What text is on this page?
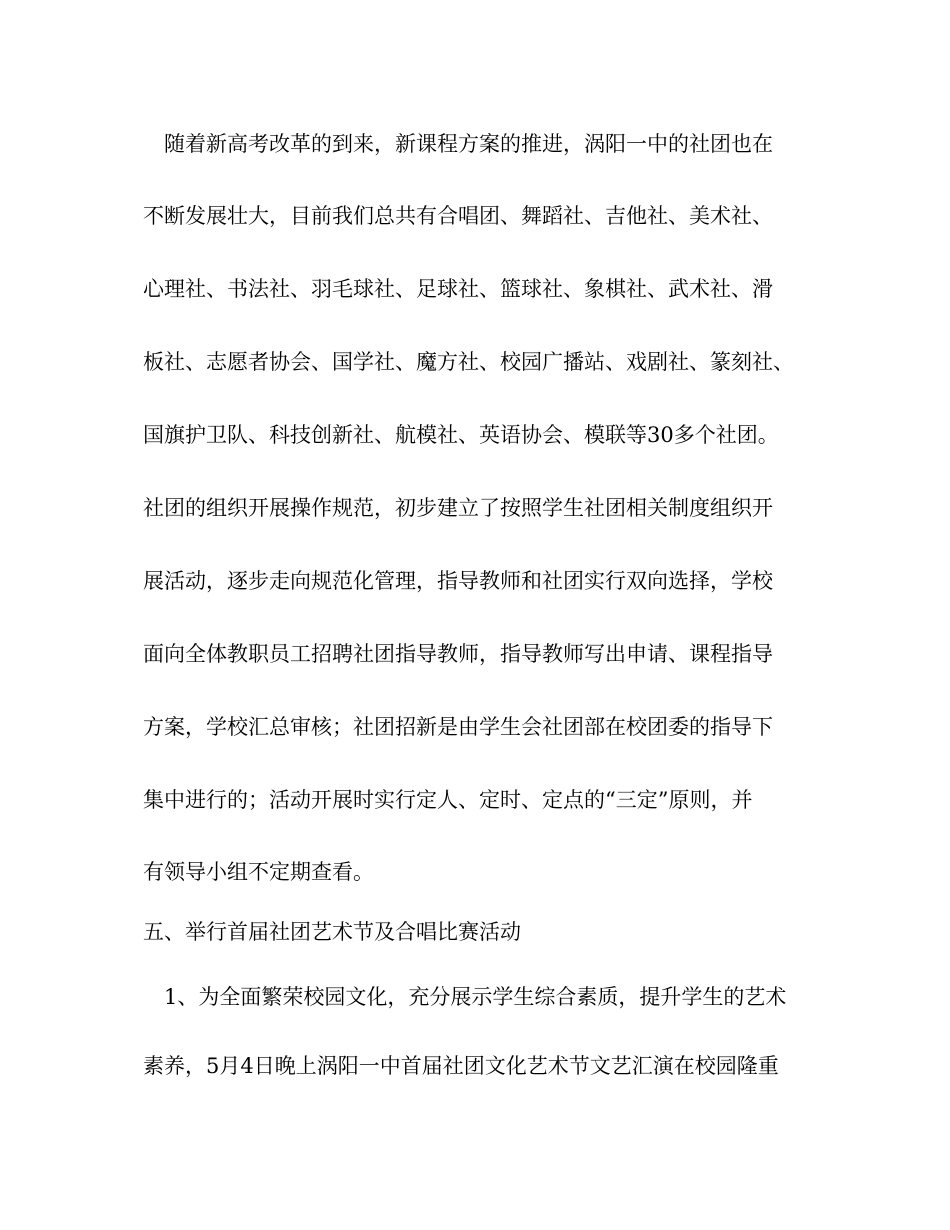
随着新高考改革的到来，新课程方案的推进，涡阳一中的社团也在
不断发展壮大，目前我们总共有合唱团、舞蹈社、吉他社、美术社、
心理社、书法社、羽毛球社、足球社、篮球社、象棋社、武术社、滑
板社、志愿者协会、国学社、魔方社、校园广播站、戏剧社、篆刻社、
国旗护卫队、科技创新社、航模社、英语协会、模联等30多个社团。
社团的组织开展操作规范，初步建立了按照学生社团相关制度组织开
展活动，逐步走向规范化管理，指导教师和社团实行双向选择，学校
面向全体教职员工招聘社团指导教师，指导教师写出申请、课程指导
方案，学校汇总审核；社团招新是由学生会社团部在校团委的指导下
集中进行的；活动开展时实行定人、定时、定点的“三定”原则，并
有领导小组不定期查看。
五、举行首届社团艺术节及合唱比赛活动
1、为全面繁荣校园文化，充分展示学生综合素质，提升学生的艺术
素养，5月4日晚上涡阳一中首届社团文化艺术节文艺汇演在校园隆重
